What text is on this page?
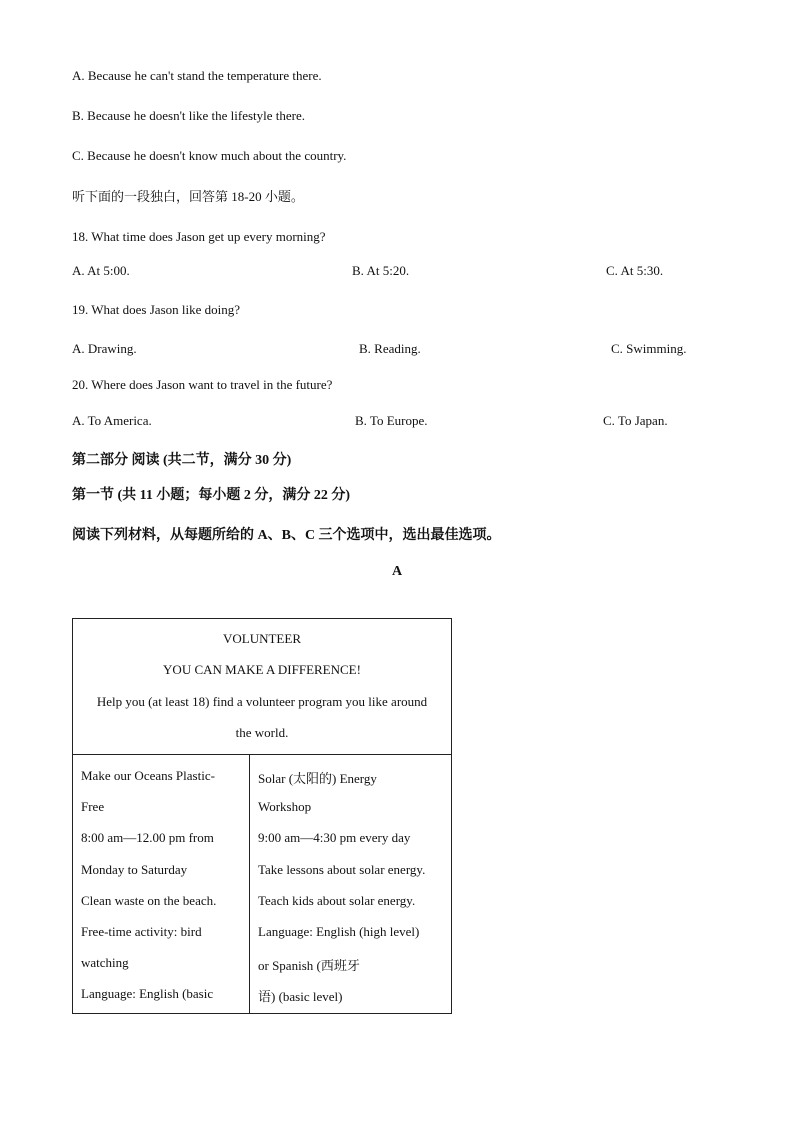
A. Because he can't stand the temperature there.
B. Because he doesn't like the lifestyle there.
C. Because he doesn't know much about the country.
听下面的一段独白，回答第 18-20 小题。
18. What time does Jason get up every morning?
A. At 5:00.	B. At 5:20.	C. At 5:30.
19. What does Jason like doing?
A. Drawing.	B. Reading.	C. Swimming.
20. Where does Jason want to travel in the future?
A. To America.	B. To Europe.	C. To Japan.
第二部分 阅读 (共二节，满分 30 分)
第一节 (共 11 小题；每小题 2 分，满分 22 分)
阅读下列材料，从每题所给的 A、B、C 三个选项中，选出最佳选项。
A
VOLUNTEER
YOU CAN MAKE A DIFFERENCE!
Help you (at least 18) find a volunteer program you like around
the world.
Make our Oceans Plastic-
Free
8:00 am—12.00 pm from
Monday to Saturday
Clean waste on the beach.
Free-time activity: bird
watching
Language: English (basic
Solar (太阳的) Energy
Workshop
9:00 am—4:30 pm every day
Take lessons about solar energy.
Teach kids about solar energy.
Language: English (high level)
or Spanish (西班牙
语) (basic level)
